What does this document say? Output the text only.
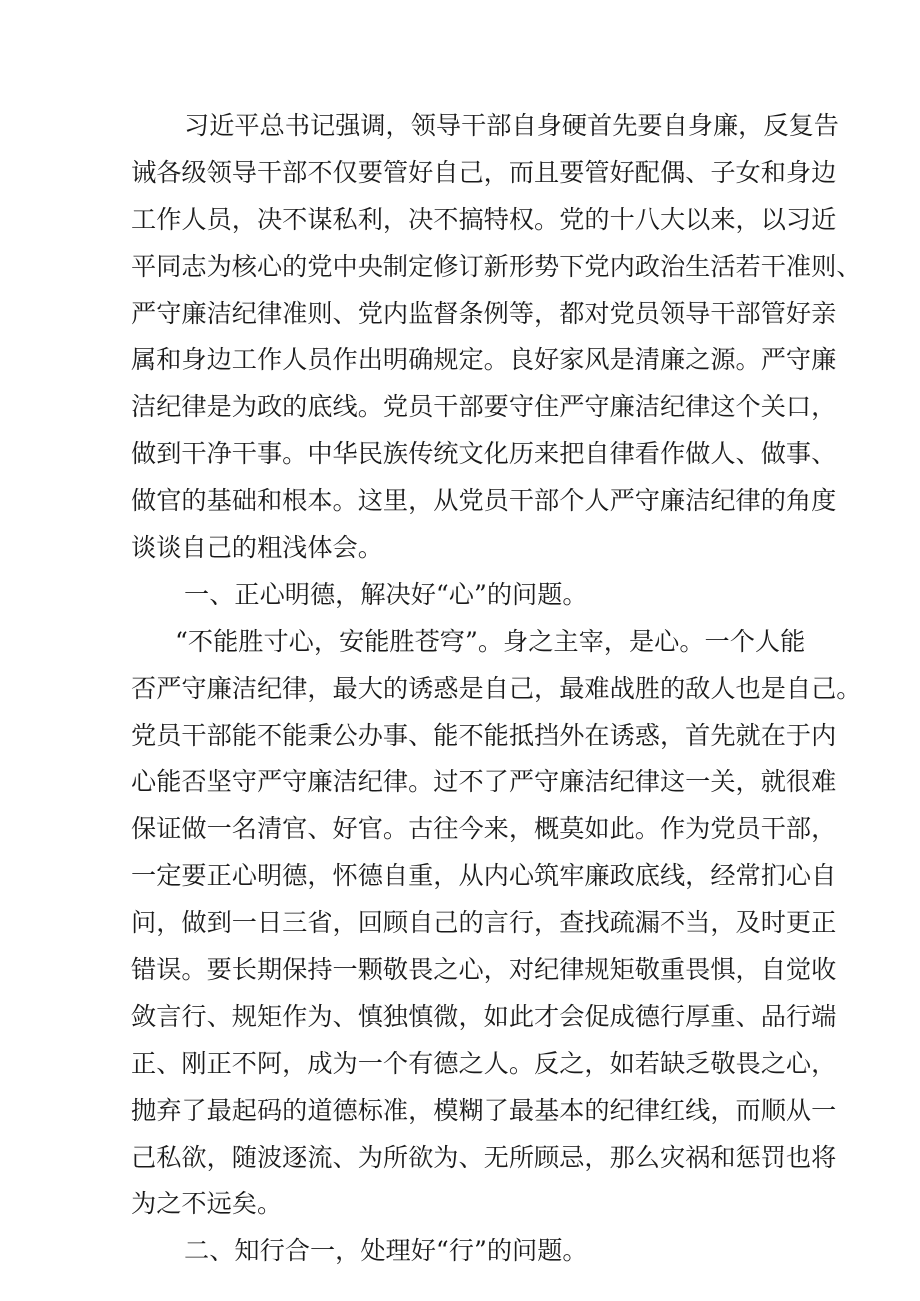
习近平总书记强调，领导干部自身硬首先要自身廉，反复告
诫各级领导干部不仅要管好自己，而且要管好配偶、子女和身边
工作人员，决不谋私利，决不搞特权。党的十八大以来，以习近
平同志为核心的党中央制定修订新形势下党内政治生活若干准则、
严守廉洁纪律准则、党内监督条例等，都对党员领导干部管好亲
属和身边工作人员作出明确规定。良好家风是清廉之源。严守廉
洁纪律是为政的底线。党员干部要守住严守廉洁纪律这个关口，
做到干净干事。中华民族传统文化历来把自律看作做人、做事、
做官的基础和根本。这里，从党员干部个人严守廉洁纪律的角度
谈谈自己的粗浅体会。
一、正心明德，解决好“心”的问题。
“不能胜寸心，安能胜苍穹”。身之主宰，是心。一个人能
否严守廉洁纪律，最大的诱惑是自己，最难战胜的敌人也是自己。
党员干部能不能秉公办事、能不能抵挡外在诱惑，首先就在于内
心能否坚守严守廉洁纪律。过不了严守廉洁纪律这一关，就很难
保证做一名清官、好官。古往今来，概莫如此。作为党员干部，
一定要正心明德，怀德自重，从内心筑牢廉政底线，经常扪心自
问，做到一日三省，回顾自己的言行，查找疏漏不当，及时更正
错误。要长期保持一颗敬畏之心，对纪律规矩敬重畏惧，自觉收
敛言行、规矩作为、慎独慎微，如此才会促成德行厚重、品行端
正、刚正不阿，成为一个有德之人。反之，如若缺乏敬畏之心，
抛弃了最起码的道德标准，模糊了最基本的纪律红线，而顺从一
己私欲，随波逐流、为所欲为、无所顾忌，那么灾祸和惩罚也将
为之不远矣。
二、知行合一，处理好“行”的问题。
